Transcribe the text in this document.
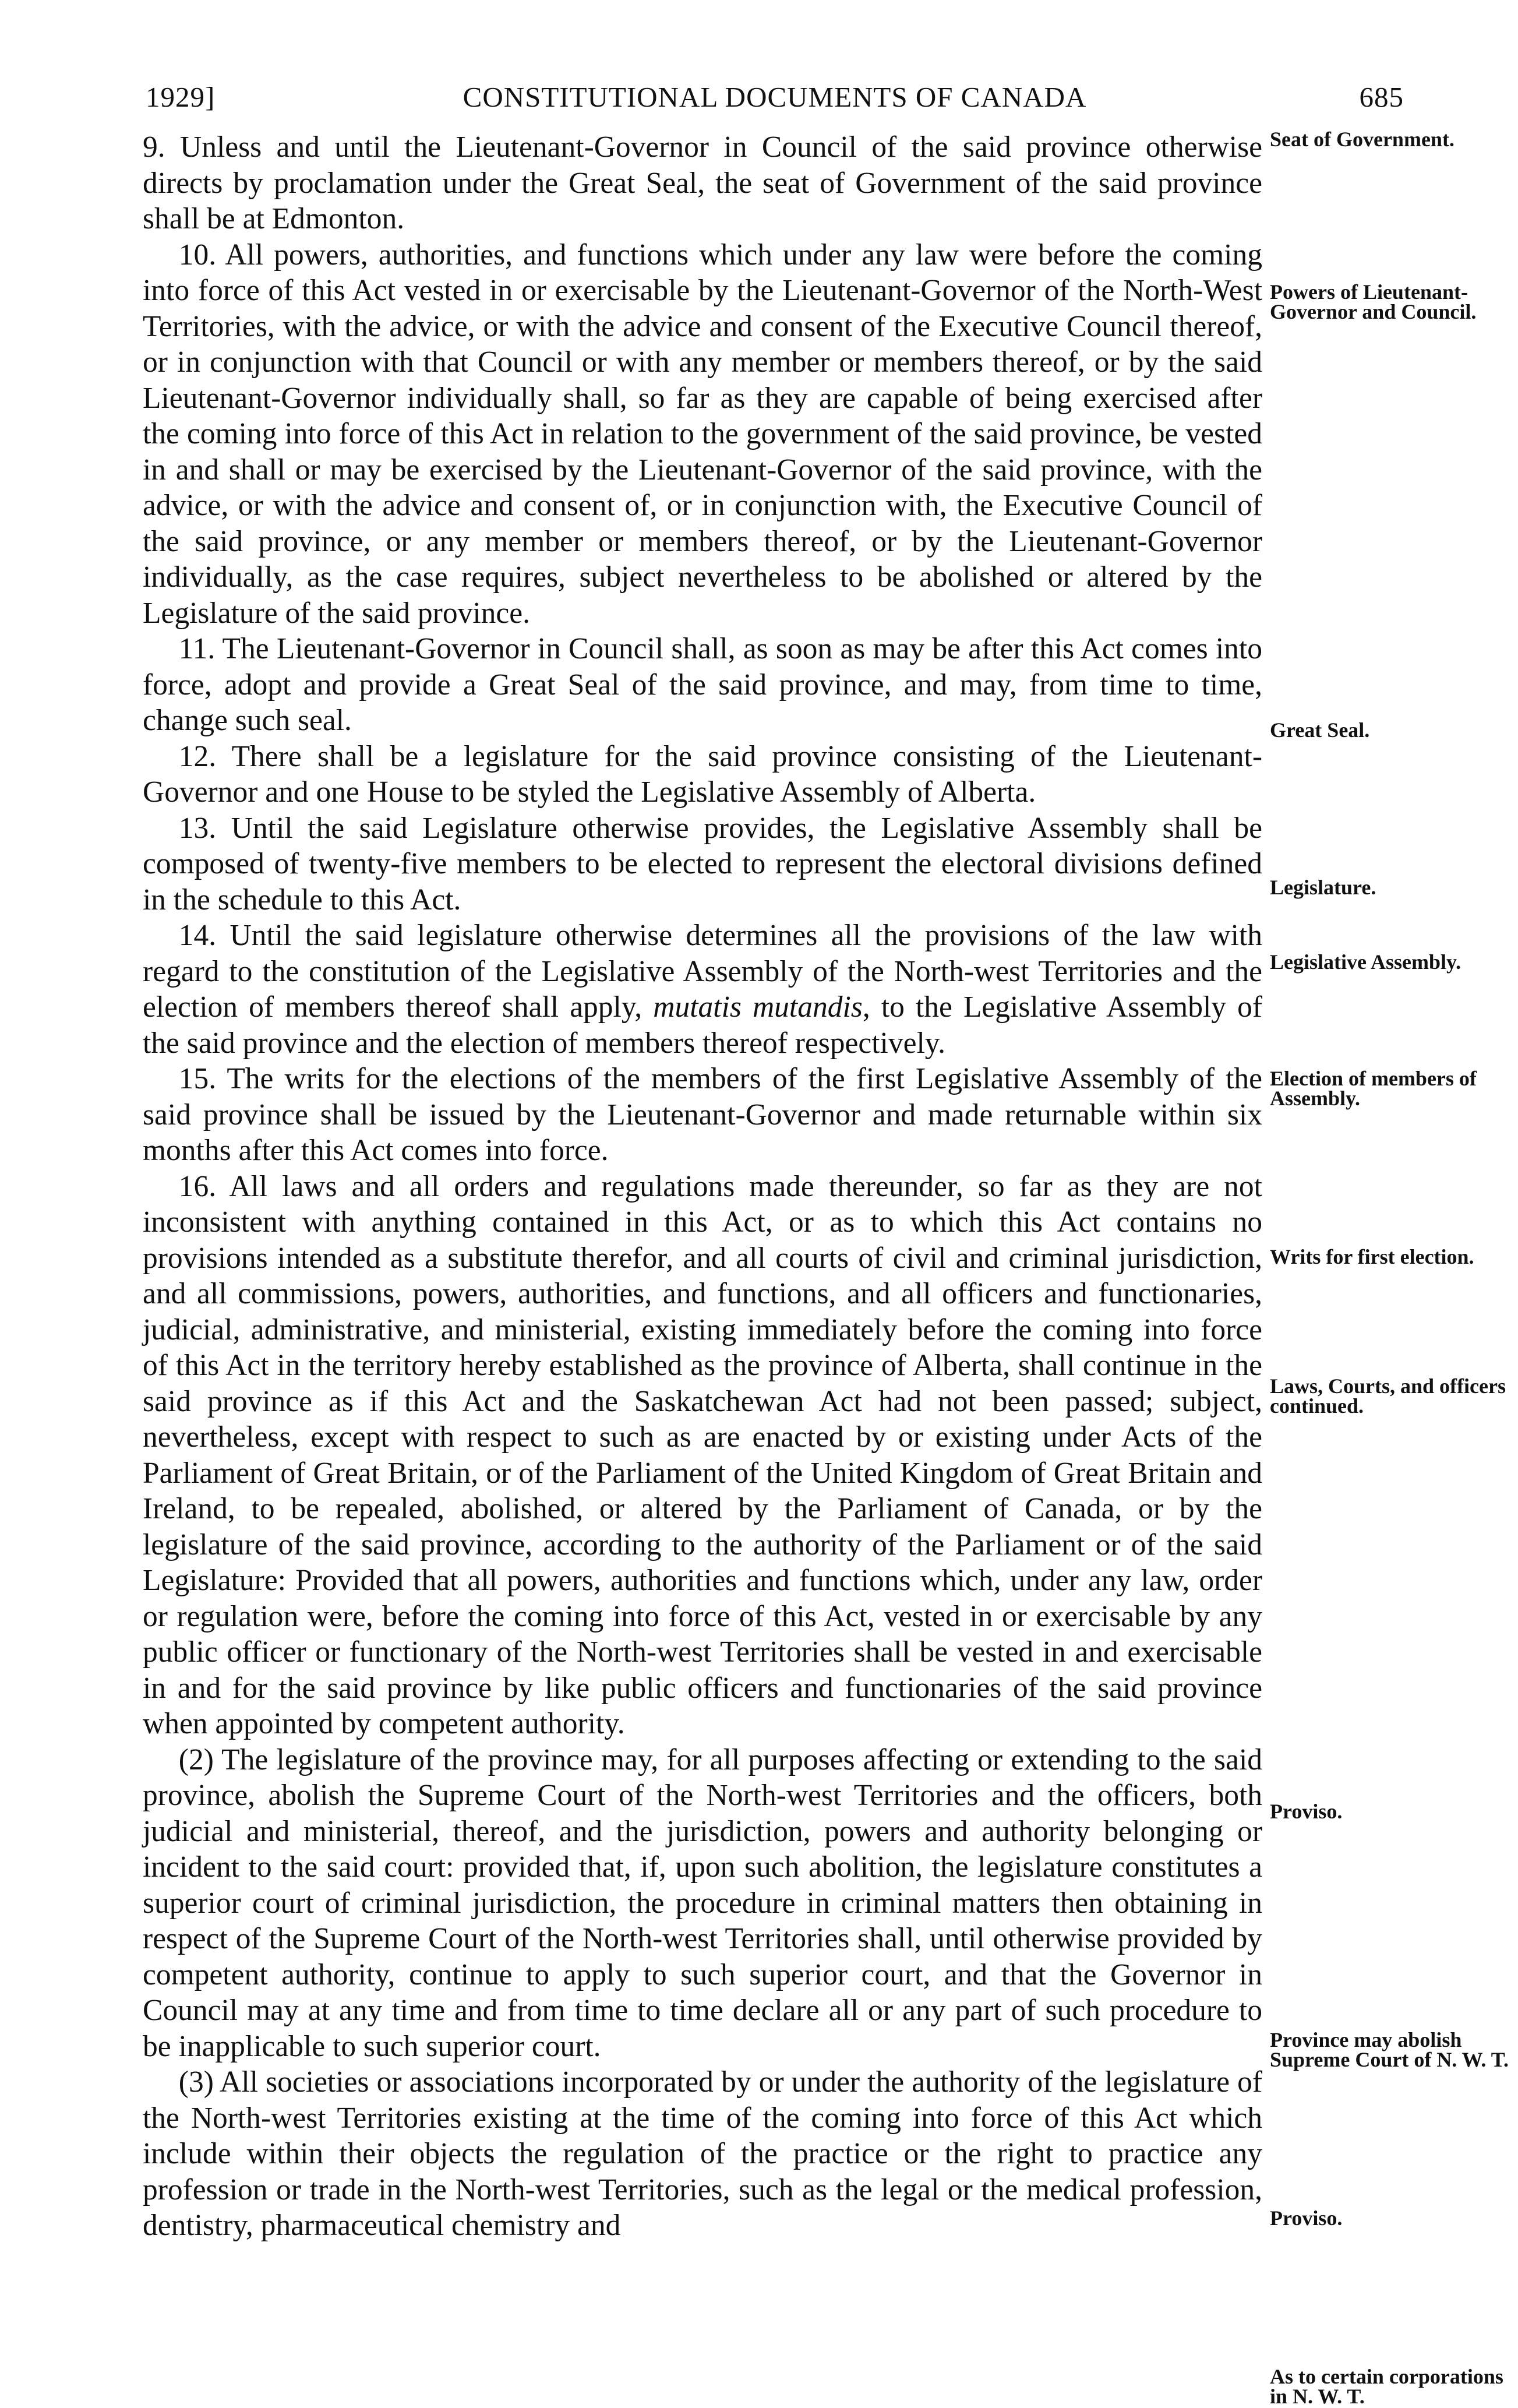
1929]	CONSTITUTIONAL DOCUMENTS OF CANADA	685

9. Unless and until the Lieutenant-Governor in Council of the said province otherwise directs by proclamation under the Great Seal, the seat of Government of the said province shall be at Edmonton.

10. All powers, authorities, and functions which under any law were before the coming into force of this Act vested in or exercisable by the Lieutenant-Governor of the North-West Territories, with the advice, or with the advice and consent of the Executive Council thereof, or in conjunction with that Council or with any member or members thereof, or by the said Lieutenant-Governor individually shall, so far as they are capable of being exercised after the coming into force of this Act in relation to the government of the said province, be vested in and shall or may be exercised by the Lieutenant-Governor of the said province, with the advice, or with the advice and consent of, or in conjunction with, the Executive Council of the said province, or any member or members thereof, or by the Lieutenant-Governor individually, as the case requires, subject nevertheless to be abolished or altered by the Legislature of the said province.

11. The Lieutenant-Governor in Council shall, as soon as may be after this Act comes into force, adopt and provide a Great Seal of the said province, and may, from time to time, change such seal.

12. There shall be a legislature for the said province consisting of the Lieutenant-Governor and one House to be styled the Legislative Assembly of Alberta.

13. Until the said Legislature otherwise provides, the Legislative Assembly shall be composed of twenty-five members to be elected to represent the electoral divisions defined in the schedule to this Act.

14. Until the said legislature otherwise determines all the provisions of the law with regard to the constitution of the Legislative Assembly of the North-west Territories and the election of members thereof shall apply, mutatis mutandis, to the Legislative Assembly of the said province and the election of members thereof respectively.

15. The writs for the elections of the members of the first Legislative Assembly of the said province shall be issued by the Lieutenant-Governor and made returnable within six months after this Act comes into force.

16. All laws and all orders and regulations made thereunder, so far as they are not inconsistent with anything contained in this Act, or as to which this Act contains no provisions intended as a substitute therefor, and all courts of civil and criminal jurisdiction, and all commissions, powers, authorities, and functions, and all officers and functionaries, judicial, administrative, and ministerial, existing immediately before the coming into force of this Act in the territory hereby established as the province of Alberta, shall continue in the said province as if this Act and the Saskatchewan Act had not been passed; subject, nevertheless, except with respect to such as are enacted by or existing under Acts of the Parliament of Great Britain, or of the Parliament of the United Kingdom of Great Britain and Ireland, to be repealed, abolished, or altered by the Parliament of Canada, or by the legislature of the said province, according to the authority of the Parliament or of the said Legislature: Provided that all powers, authorities and functions which, under any law, order or regulation were, before the coming into force of this Act, vested in or exercisable by any public officer or functionary of the North-west Territories shall be vested in and exercisable in and for the said province by like public officers and functionaries of the said province when appointed by competent authority.

(2) The legislature of the province may, for all purposes affecting or extending to the said province, abolish the Supreme Court of the North-west Territories and the officers, both judicial and ministerial, thereof, and the jurisdiction, powers and authority belonging or incident to the said court: provided that, if, upon such abolition, the legislature constitutes a superior court of criminal jurisdiction, the procedure in criminal matters then obtaining in respect of the Supreme Court of the North-west Territories shall, until otherwise provided by competent authority, continue to apply to such superior court, and that the Governor in Council may at any time and from time to time declare all or any part of such procedure to be inapplicable to such superior court.

(3) All societies or associations incorporated by or under the authority of the legislature of the North-west Territories existing at the time of the coming into force of this Act which include within their objects the regulation of the practice or the right to practice any profession or trade in the North-west Territories, such as the legal or the medical profession, dentistry, pharmaceutical chemistry and

Seat of Government.
Powers of Lieutenant-Governor and Council.
Great Seal.
Legislature.
Legislative Assembly.
Election of members of Assembly.
Writs for first election.
Laws, Courts, and officers continued.
Proviso.
Province may abolish Supreme Court of N. W. T.
Proviso.
As to certain corporations in N. W. T.
